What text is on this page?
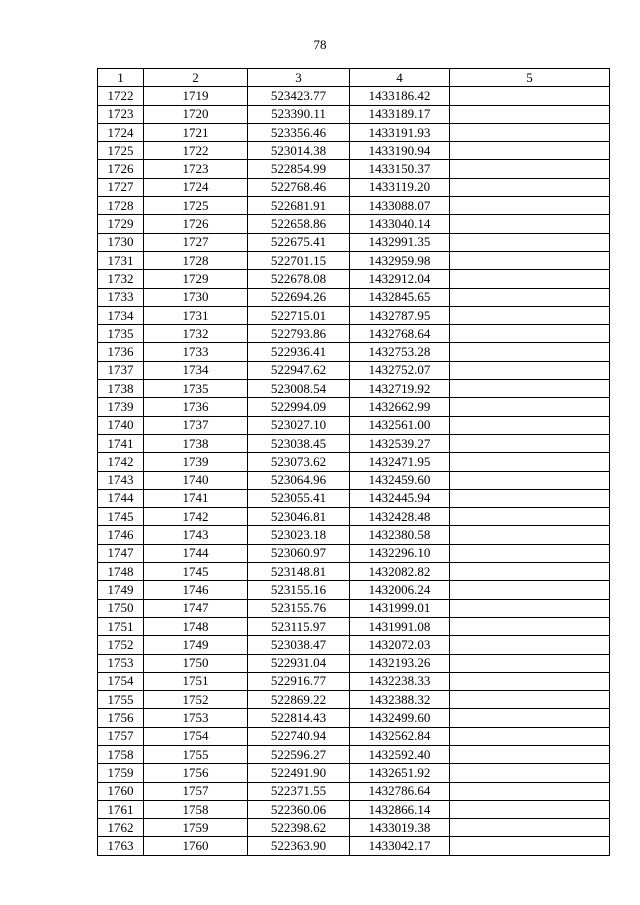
78
1	2	3	4	5
1722	1719	523423.77	1433186.42	
1723	1720	523390.11	1433189.17	
1724	1721	523356.46	1433191.93	
1725	1722	523014.38	1433190.94	
1726	1723	522854.99	1433150.37	
1727	1724	522768.46	1433119.20	
1728	1725	522681.91	1433088.07	
1729	1726	522658.86	1433040.14	
1730	1727	522675.41	1432991.35	
1731	1728	522701.15	1432959.98	
1732	1729	522678.08	1432912.04	
1733	1730	522694.26	1432845.65	
1734	1731	522715.01	1432787.95	
1735	1732	522793.86	1432768.64	
1736	1733	522936.41	1432753.28	
1737	1734	522947.62	1432752.07	
1738	1735	523008.54	1432719.92	
1739	1736	522994.09	1432662.99	
1740	1737	523027.10	1432561.00	
1741	1738	523038.45	1432539.27	
1742	1739	523073.62	1432471.95	
1743	1740	523064.96	1432459.60	
1744	1741	523055.41	1432445.94	
1745	1742	523046.81	1432428.48	
1746	1743	523023.18	1432380.58	
1747	1744	523060.97	1432296.10	
1748	1745	523148.81	1432082.82	
1749	1746	523155.16	1432006.24	
1750	1747	523155.76	1431999.01	
1751	1748	523115.97	1431991.08	
1752	1749	523038.47	1432072.03	
1753	1750	522931.04	1432193.26	
1754	1751	522916.77	1432238.33	
1755	1752	522869.22	1432388.32	
1756	1753	522814.43	1432499.60	
1757	1754	522740.94	1432562.84	
1758	1755	522596.27	1432592.40	
1759	1756	522491.90	1432651.92	
1760	1757	522371.55	1432786.64	
1761	1758	522360.06	1432866.14	
1762	1759	522398.62	1433019.38	
1763	1760	522363.90	1433042.17	
